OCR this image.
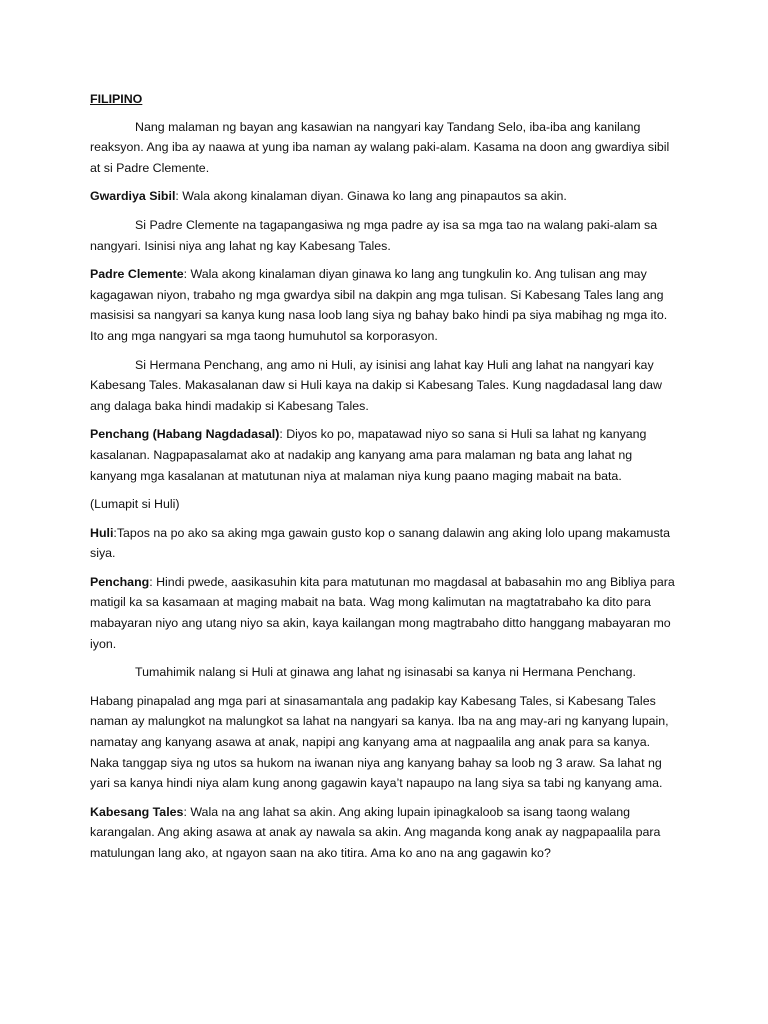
FILIPINO

Nang malaman ng bayan ang kasawian na nangyari kay Tandang Selo, iba-iba ang kanilang reaksyon. Ang iba ay naawa at yung iba naman ay walang paki-alam. Kasama na doon ang gwardiya sibil at si Padre Clemente.

Gwardiya Sibil: Wala akong kinalaman diyan. Ginawa ko lang ang pinapautos sa akin.

Si Padre Clemente na tagapangasiwa ng mga padre ay isa sa mga tao na walang paki-alam sa nangyari. Isinisi niya ang lahat ng kay Kabesang Tales.

Padre Clemente: Wala akong kinalaman diyan ginawa ko lang ang tungkulin ko. Ang tulisan ang may kagagawan niyon, trabaho ng mga gwardya sibil na dakpin ang mga tulisan. Si Kabesang Tales lang ang masisisi sa nangyari sa kanya kung nasa loob lang siya ng bahay bako hindi pa siya mabihag ng mga ito. Ito ang mga nangyari sa mga taong humuhutol sa korporasyon.

Si Hermana Penchang, ang amo ni Huli, ay isinisi ang lahat kay Huli ang lahat na nangyari kay Kabesang Tales. Makasalanan daw si Huli kaya na dakip si Kabesang Tales. Kung nagdadasal lang daw ang dalaga baka hindi madakip si Kabesang Tales.

Penchang (Habang Nagdadasal): Diyos ko po, mapatawad niyo so sana si Huli sa lahat ng kanyang kasalanan. Nagpapasalamat ako at nadakip ang kanyang ama para malaman ng bata ang lahat ng kanyang mga kasalanan at matutunan niya at malaman niya kung paano maging mabait na bata.

(Lumapit si Huli)

Huli:Tapos na po ako sa aking mga gawain gusto kop o sanang dalawin ang aking lolo upang makamusta siya.

Penchang: Hindi pwede, aasikasuhin kita para matutunan mo magdasal at babasahin mo ang Bibliya para matigil ka sa kasamaan at maging mabait na bata. Wag mong kalimutan na magtatrabaho ka dito para mabayaran niyo ang utang niyo sa akin, kaya kailangan mong magtrabaho ditto hanggang mabayaran mo iyon.

Tumahimik nalang si Huli at ginawa ang lahat ng isinasabi sa kanya ni Hermana Penchang.

Habang pinapalad ang mga pari at sinasamantala ang padakip kay Kabesang Tales, si Kabesang Tales naman ay malungkot na malungkot sa lahat na nangyari sa kanya. Iba na ang may-ari ng kanyang lupain, namatay ang kanyang asawa at anak, napipi ang kanyang ama at nagpaalila ang anak para sa kanya. Naka tanggap siya ng utos sa hukom na iwanan niya ang kanyang bahay sa loob ng 3 araw. Sa lahat ng yari sa kanya hindi niya alam kung anong gagawin kaya’t napaupo na lang siya sa tabi ng kanyang ama.

Kabesang Tales: Wala na ang lahat sa akin. Ang aking lupain ipinagkaloob sa isang taong walang karangalan. Ang aking asawa at anak ay nawala sa akin. Ang maganda kong anak ay nagpapaalila para matulungan lang ako, at ngayon saan na ako titira. Ama ko ano na ang gagawin ko?
